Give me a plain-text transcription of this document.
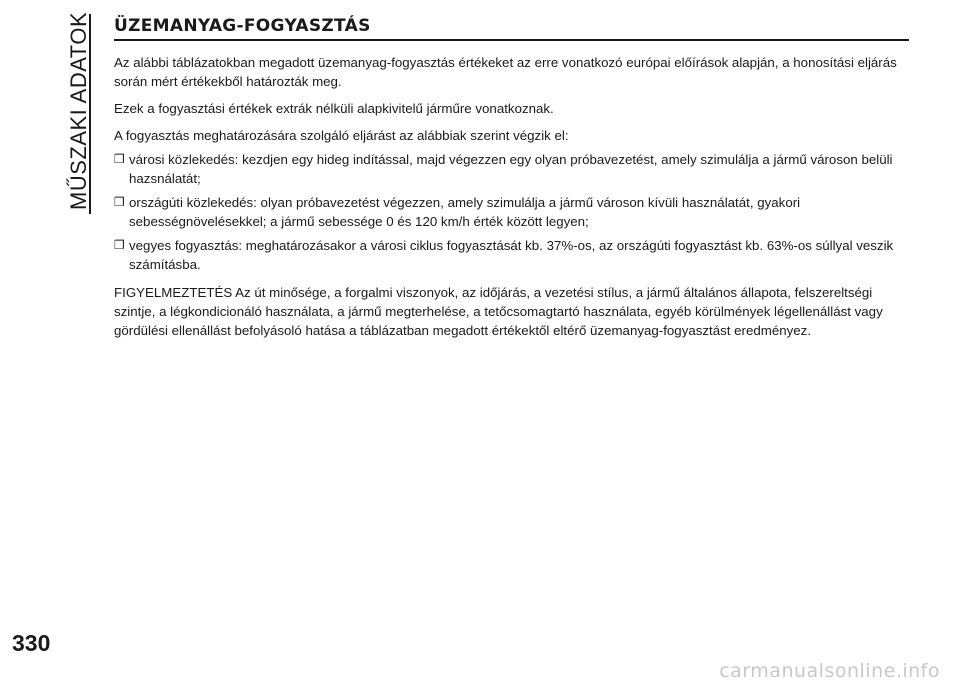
MŰSZAKI ADATOK ÜZEMANYAG-FOGYASZTÁS

Az alábbi táblázatokban megadott üzemanyag-fogyasztás értékeket az erre vonatkozó európai előírások alapján, a honosítási eljárás során mért értékekből határozták meg.

Ezek a fogyasztási értékek extrák nélküli alapkivitelű járműre vonatkoznak.

A fogyasztás meghatározására szolgáló eljárást az alábbiak szerint végzik el:

❒ városi közlekedés: kezdjen egy hideg indítással, majd végezzen egy olyan próbavezetést, amely szimulálja a jármű városon belüli hazsnálatát;
❒ országúti közlekedés: olyan próbavezetést végezzen, amely szimulálja a jármű városon kívüli használatát, gyakori sebességnövelésekkel; a jármű sebessége 0 és 120 km/h érték között legyen;
❒ vegyes fogyasztás: meghatározásakor a városi ciklus fogyasztását kb. 37%-os, az országúti fogyasztást kb. 63%-os súllyal veszik számításba.

FIGYELMEZTETÉS Az út minősége, a forgalmi viszonyok, az időjárás, a vezetési stílus, a jármű általános állapota, felszereltségi szintje, a légkondicionáló használata, a jármű megterhelése, a tetőcsomagtartó használata, egyéb körülmények légellenállást vagy gördülési ellenállást befolyásoló hatása a táblázatban megadott értékektől eltérő üzemanyag-fogyasztást eredményez.

330
carmanualsonline.info
